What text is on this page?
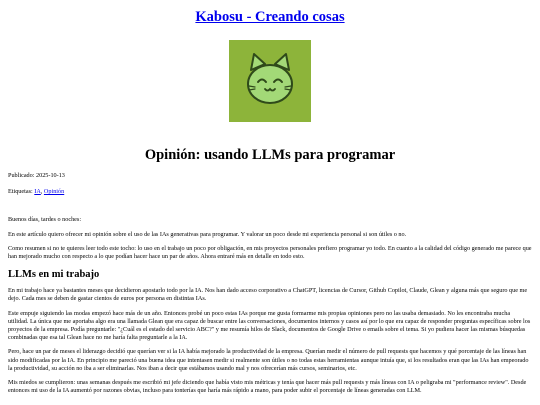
Kabosu - Creando cosas
Opinión: usando LLMs para programar

Publicado: 2025-10-13

Etiquetas: IA, Opinión

Buenos días, tardes o noches:

En este artículo quiero ofrecer mi opinión sobre el uso de las IAs generativas para programar. Y valorar un poco desde mi experiencia personal si son útiles o no.

Como resumen si no te quieres leer todo este tocho: lo uso en el trabajo un poco por obligación, en mis proyectos personales prefiero programar yo todo. En cuanto a la calidad del código generado me parece que han mejorado mucho con respecto a lo que podían hacer hace un par de años. Ahora entraré más en detalle en todo esto.

LLMs en mi trabajo

En mi trabajo hace ya bastantes meses que decidieron apostarlo todo por la IA. Nos han dado acceso corporativo a ChatGPT, licencias de Cursor, Github Copilot, Claude, Glean y alguna más que seguro que me dejo. Cada mes se deben de gastar cientos de euros por persona en distintas IAs.

Este empuje siguiendo las modas empezó hace más de un año. Entonces probé un poco estas IAs porque me gusta formarme mis propias opiniones pero no las usaba demasiado. No les encontraba mucha utilidad. La única que me aportaba algo era una llamada Glean que era capaz de buscar entre las conversaciones, documentos internos y casos así por lo que era capaz de responder preguntas específicas sobre los proyectos de la empresa. Podía preguntarle: "¿Cuál es el estado del servicio ABC?" y me resumía hilos de Slack, documentos de Google Drive o emails sobre el tema. Si yo pudiera hacer las mismas búsquedas combinadas que esa tal Glean hace no me haría falta preguntarle a la IA.

Pero, hace un par de meses el liderazgo decidió que querían ver si la IA había mejorado la productividad de la empresa. Querían medir el número de pull requests que hacemos y qué porcentaje de las líneas han sido modificadas por la IA. En principio me pareció una buena idea que intentasen medir si realmente son útiles o no todas estas herramientas aunque intuía que, si los resultados eran que las IAs han empeorado la productividad, su acción no iba a ser eliminarlas. Nos iban a decir que estábamos usando mal y nos ofrecerían más cursos, seminarios, etc.

Mis miedos se cumplieron: unas semanas después me escribió mi jefe diciendo que había visto mis métricas y tenía que hacer más pull requests y más líneas con IA o peligraba mi "performance review". Desde entonces mi uso de la IA aumentó por razones obvias, incluso para tonterías que haría más rápido a mano, para poder subir el porcentaje de líneas generadas con LLM.
